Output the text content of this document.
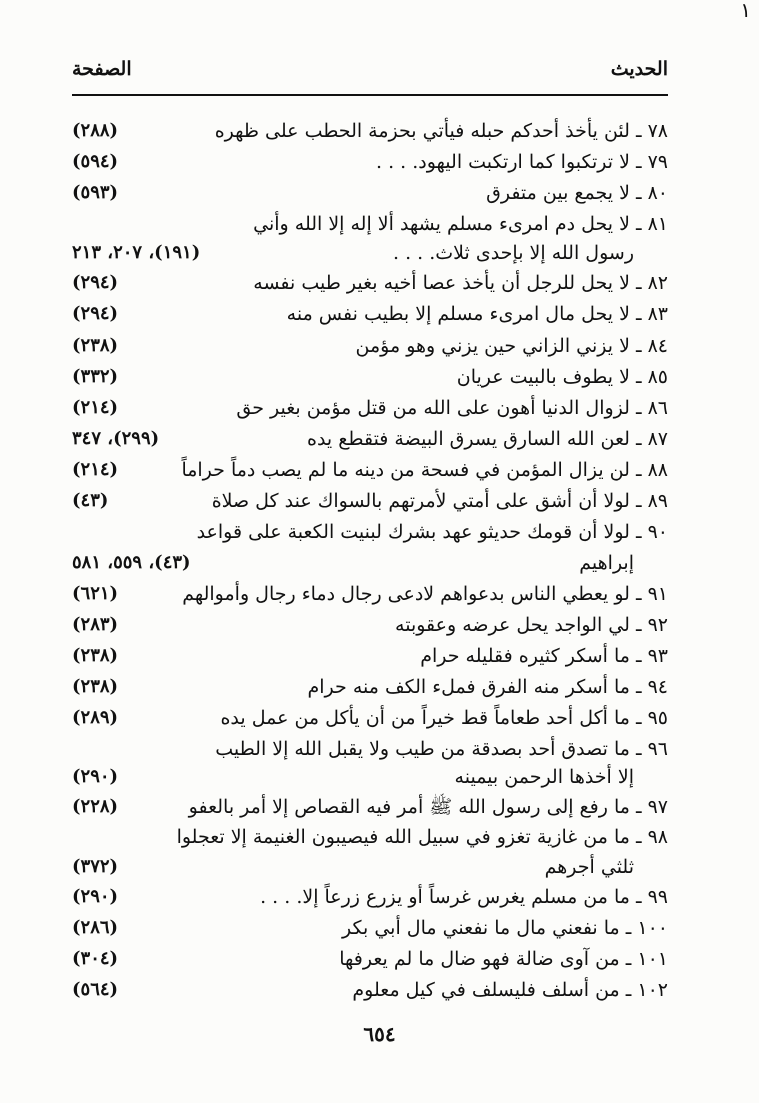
١
الحديث
الصفحة
٧٨ ـ لئن يأخذ أحدكم حبله فيأتي بحزمة الحطب على ظهره
(٢٨٨)
٧٩ ـ لا ترتكبوا كما ارتكبت اليهود. . . .
(٥٩٤)
٨٠ ـ لا يجمع بين متفرق
(٥٩٣)
٨١ ـ لا يحل دم امرىء مسلم يشهد ألا إله إلا الله وأني
رسول الله إلا بإحدى ثلاث. . . .
(١٩١)، ٢٠٧، ٢١٣
٨٢ ـ لا يحل للرجل أن يأخذ عصا أخيه بغير طيب نفسه
(٢٩٤)
٨٣ ـ لا يحل مال امرىء مسلم إلا بطيب نفس منه
(٢٩٤)
٨٤ ـ لا يزني الزاني حين يزني وهو مؤمن
(٢٣٨)
٨٥ ـ لا يطوف بالبيت عريان
(٣٣٢)
٨٦ ـ لزوال الدنيا أهون على الله من قتل مؤمن بغير حق
(٢١٤)
٨٧ ـ لعن الله السارق يسرق البيضة فتقطع يده
(٢٩٩)، ٣٤٧
٨٨ ـ لن يزال المؤمن في فسحة من دينه ما لم يصب دماً حراماً
(٢١٤)
٨٩ ـ لولا أن أشق على أمتي لأمرتهم بالسواك عند كل صلاة
(٤٣)
٩٠ ـ لولا أن قومك حديثو عهد بشرك لبنيت الكعبة على قواعد
إبراهيم
(٤٣)، ٥٥٩، ٥٨١
٩١ ـ لو يعطي الناس بدعواهم لادعى رجال دماء رجال وأموالهم
(٦٢١)
٩٢ ـ لي الواجد يحل عرضه وعقوبته
(٢٨٣)
٩٣ ـ ما أسكر كثيره فقليله حرام
(٢٣٨)
٩٤ ـ ما أسكر منه الفرق فملء الكف منه حرام
(٢٣٨)
٩٥ ـ ما أكل أحد طعاماً قط خيراً من أن يأكل من عمل يده
(٢٨٩)
٩٦ ـ ما تصدق أحد بصدقة من طيب ولا يقبل الله إلا الطيب
إلا أخذها الرحمن بيمينه
(٢٩٠)
٩٧ ـ ما رفع إلى رسول الله ﷺ أمر فيه القصاص إلا أمر بالعفو
(٢٢٨)
٩٨ ـ ما من غازية تغزو في سبيل الله فيصيبون الغنيمة إلا تعجلوا
ثلثي أجرهم
(٣٧٢)
٩٩ ـ ما من مسلم يغرس غرساً أو يزرع زرعاً إلا. . . .
(٢٩٠)
١٠٠ ـ ما نفعني مال ما نفعني مال أبي بكر
(٢٨٦)
١٠١ ـ من آوى ضالة فهو ضال ما لم يعرفها
(٣٠٤)
١٠٢ ـ من أسلف فليسلف في كيل معلوم
(٥٦٤)
٦٥٤
